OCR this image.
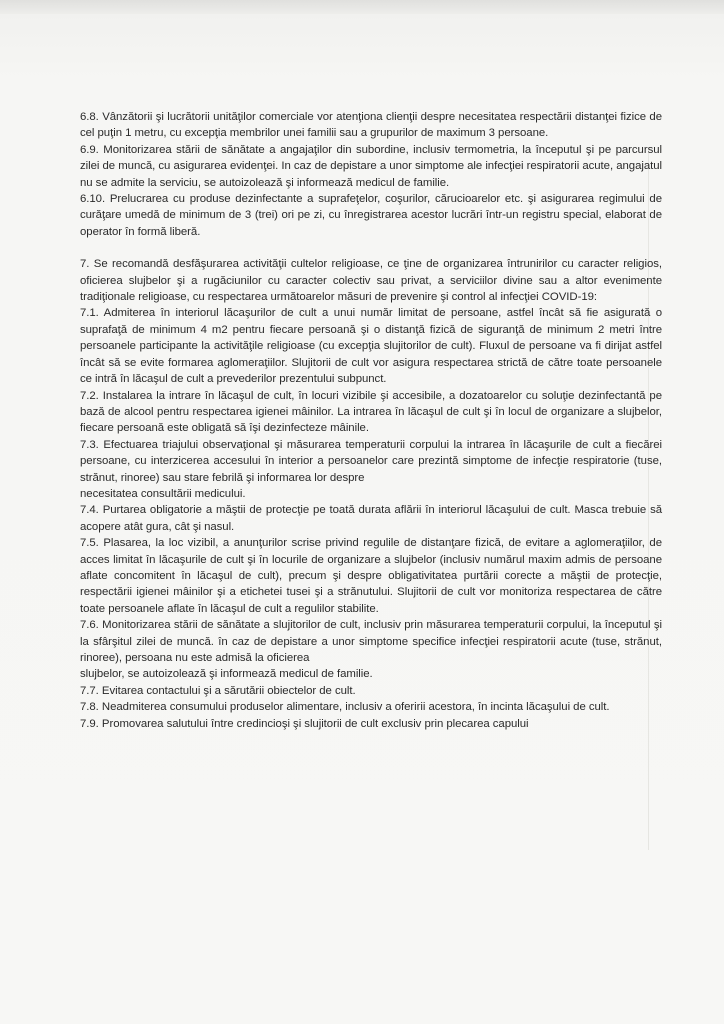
6.8. Vânzătorii şi lucrătorii unităţilor comerciale vor atenţiona clienţii despre necesitatea respectării distanţei fizice de cel puţin 1 metru, cu excepţia membrilor unei familii sau a grupurilor de maximum 3 persoane.

6.9. Monitorizarea stării de sănătate a angajaţilor din subordine, inclusiv termometria, la începutul şi pe parcursul zilei de muncă, cu asigurarea evidenţei. In caz de depistare a unor simptome ale infecţiei respiratorii acute, angajatul nu se admite la serviciu, se autoizolează şi informează medicul de familie.

6.10. Prelucrarea cu produse dezinfectante a suprafeţelor, coşurilor, cărucioarelor etc. şi asigurarea regimului de curăţare umedă de minimum de 3 (trei) ori pe zi, cu înregistrarea acestor lucrări într-un registru special, elaborat de operator în formă liberă.

7. Se recomandă desfăşurarea activităţii cultelor religioase, ce ţine de organizarea întrunirilor cu caracter religios, oficierea slujbelor şi a rugăciunilor cu caracter colectiv sau privat, a serviciilor divine sau a altor evenimente tradiţionale religioase, cu respectarea următoarelor măsuri de prevenire şi control al infecţiei COVID-19:

7.1. Admiterea în interiorul lăcaşurilor de cult a unui număr limitat de persoane, astfel încât să fie asigurată o suprafaţă de minimum 4 m2 pentru fiecare persoană şi o distanţă fizică de siguranţă de minimum 2 metri între persoanele participante la activităţile religioase (cu excepţia slujitorilor de cult). Fluxul de persoane va fi dirijat astfel încât să se evite formarea aglomeraţiilor. Slujitorii de cult vor asigura respectarea strictă de către toate persoanele ce intră în lăcaşul de cult a prevederilor prezentului subpunct.

7.2. Instalarea la intrare în lăcaşul de cult, în locuri vizibile şi accesibile, a dozatoarelor cu soluţie dezinfectantă pe bază de alcool pentru respectarea igienei mâinilor. La intrarea în lăcaşul de cult şi în locul de organizare a slujbelor, fiecare persoană este obligată să îşi dezinfecteze mâinile.

7.3. Efectuarea triajului observaţional şi măsurarea temperaturii corpului la intrarea în lăcaşurile de cult a fiecărei persoane, cu interzicerea accesului în interior a persoanelor care prezintă simptome de infecţie respiratorie (tuse, strănut, rinoree) sau stare febrilă şi informarea lor despre

necesitatea consultării medicului.

7.4. Purtarea obligatorie a măştii de protecţie pe toată durata aflării în interiorul lăcaşului de cult. Masca trebuie să acopere atât gura, cât şi nasul.

7.5. Plasarea, la loc vizibil, a anunţurilor scrise privind regulile de distanţare fizică, de evitare a aglomeraţiilor, de acces limitat în lăcaşurile de cult şi în locurile de organizare a slujbelor (inclusiv numărul maxim admis de persoane aflate concomitent în lăcaşul de cult), precum şi despre obligativitatea purtării corecte a măştii de protecţie, respectării igienei mâinilor şi a etichetei tusei şi a strănutului. Slujitorii de cult vor monitoriza respectarea de către toate persoanele aflate în lăcaşul de cult a regulilor stabilite.

7.6. Monitorizarea stării de sănătate a slujitorilor de cult, inclusiv prin măsurarea temperaturii corpului, la începutul şi la sfârşitul zilei de muncă. în caz de depistare a unor simptome specifice infecţiei respiratorii acute (tuse, strănut, rinoree), persoana nu este admisă la oficierea

slujbelor, se autoizolează şi informează medicul de familie.

7.7. Evitarea contactului şi a sărutării obiectelor de cult.

7.8. Neadmiterea consumului produselor alimentare, inclusiv a oferirii acestora, în incinta lăcaşului de cult.

7.9. Promovarea salutului între credincioşi şi slujitorii de cult exclusiv prin plecarea capului
